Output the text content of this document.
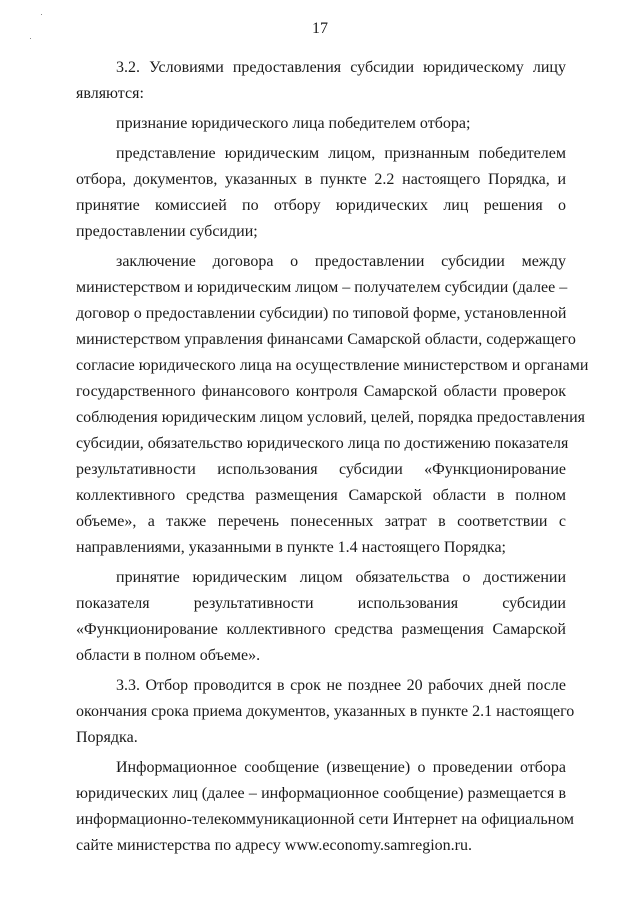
17
3.2. Условиями предоставления субсидии юридическому лицу
являются:
признание юридического лица победителем отбора;
представление юридическим лицом, признанным победителем
отбора, документов, указанных в пункте 2.2 настоящего Порядка, и
принятие комиссией по отбору юридических лиц решения о
предоставлении субсидии;
заключение договора о предоставлении субсидии между
министерством и юридическим лицом – получателем субсидии (далее –
договор о предоставлении субсидии) по типовой форме, установленной
министерством управления финансами Самарской области, содержащего
согласие юридического лица на осуществление министерством и органами
государственного финансового контроля Самарской области проверок
соблюдения юридическим лицом условий, целей, порядка предоставления
субсидии, обязательство юридического лица по достижению показателя
результативности использования субсидии «Функционирование
коллективного средства размещения Самарской области в полном
объеме», а также перечень понесенных затрат в соответствии с
направлениями, указанными в пункте 1.4 настоящего Порядка;
принятие юридическим лицом обязательства о достижении
показателя результативности использования субсидии
«Функционирование коллективного средства размещения Самарской
области в полном объеме».
3.3. Отбор проводится в срок не позднее 20 рабочих дней после
окончания срока приема документов, указанных в пункте 2.1 настоящего
Порядка.
Информационное сообщение (извещение) о проведении отбора
юридических лиц (далее – информационное сообщение) размещается в
информационно-телекоммуникационной сети Интернет на официальном
сайте министерства по адресу www.economy.samregion.ru.
